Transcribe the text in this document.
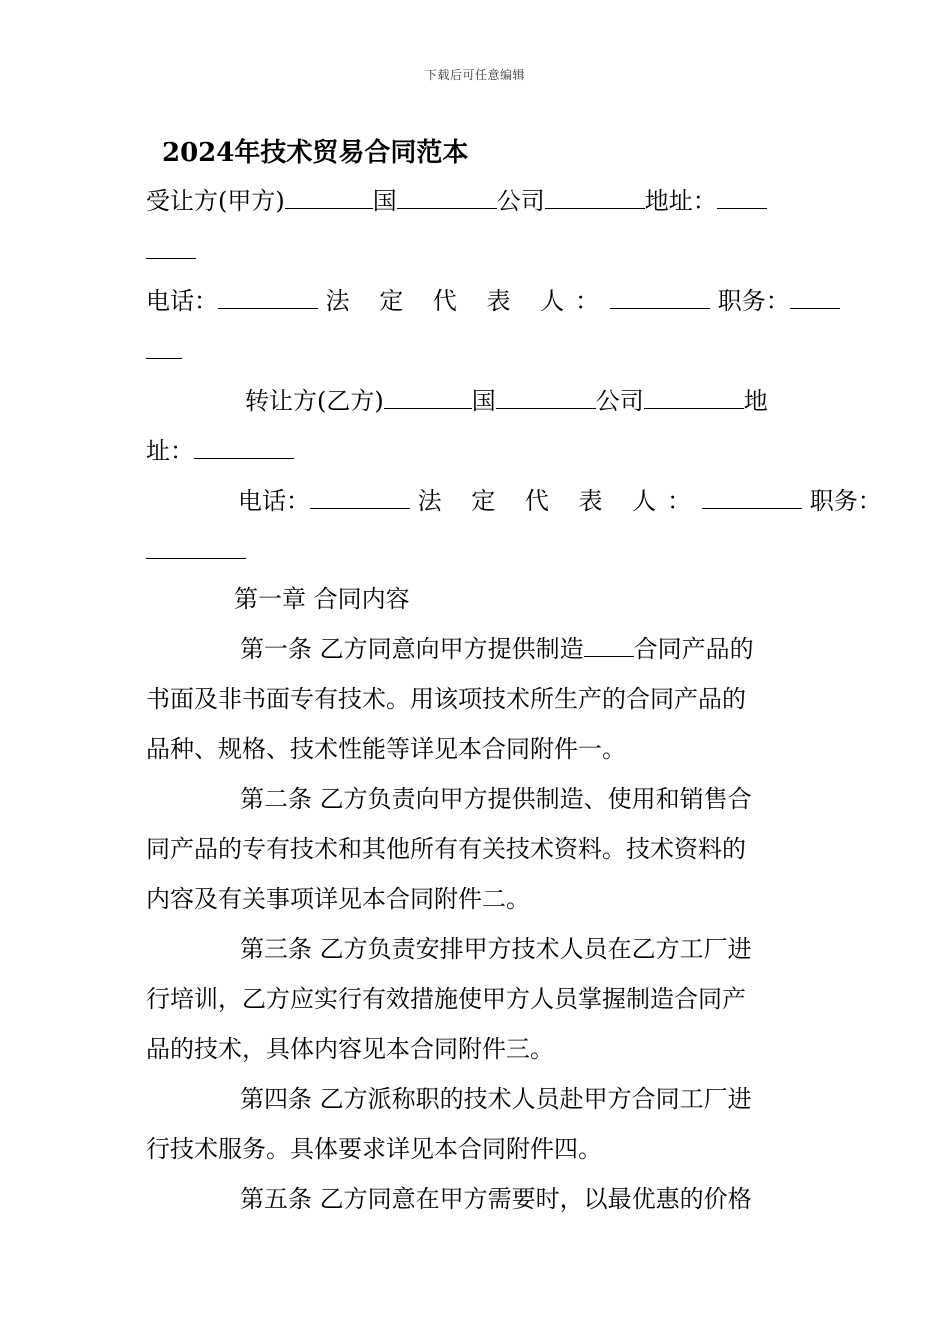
下载后可任意编辑
2024年技术贸易合同范本
受让方(甲方)	国	公司	地址：
电话：	法 定 代 表 人：	职务：
转让方(乙方)	国	公司	地
址：
电话：	法 定 代 表 人：	职务：
第一章 合同内容
第一条 乙方同意向甲方提供制造 合同产品的
书面及非书面专有技术。用该项技术所生产的合同产品的
品种、规格、技术性能等详见本合同附件一。
第二条 乙方负责向甲方提供制造、使用和销售合
同产品的专有技术和其他所有有关技术资料。技术资料的
内容及有关事项详见本合同附件二。
第三条 乙方负责安排甲方技术人员在乙方工厂进
行培训，乙方应实行有效措施使甲方人员掌握制造合同产
品的技术，具体内容见本合同附件三。
第四条 乙方派称职的技术人员赴甲方合同工厂进
行技术服务。具体要求详见本合同附件四。
第五条 乙方同意在甲方需要时，以最优惠的价格
